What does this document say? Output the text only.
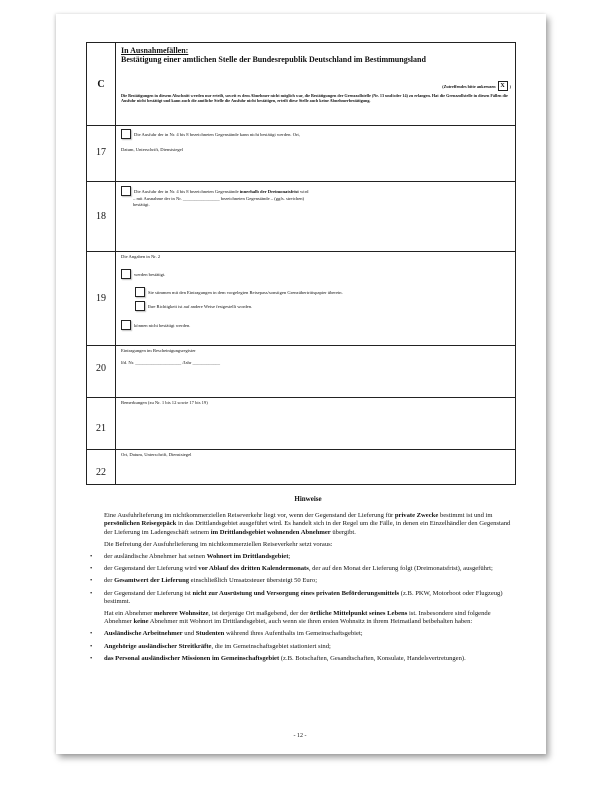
C
In Ausnahmefällen:
Bestätigung einer amtlichen Stelle der Bundesrepublik Deutschland im Bestimmungsland
(Zutreffendes bitte ankreuzen X	)
Die Bestätigungen in diesem Abschnitt werden nur erteilt, soweit es dem Abnehmer nicht möglich war, die Bestätigungen der Grenzzollstelle (Nr. 13 und/oder 14) zu erlangen. Hat die Grenzzollstelle in diesen Fällen die Ausfuhr nicht bestätigt und kann auch die amtliche Stelle die Ausfuhr nicht bestätigen, erteilt diese Stelle auch keine Abnehmerbestätigung.
17
Die Ausfuhr der in Nr. 4 bis 8 bezeichneten Gegenstände kann nicht bestätigt werden. Ort,
Datum, Unterschrift, Dienstsiegel
18
Die Ausfuhr der in Nr. 4 bis 8 bezeichneten Gegenstände
innerhalb der Dreimonatsfrist
wird
– mit Ausnahme der in Nr. ________________ bezeichneten Gegenstände – (ggfs. streichen)
bestätigt.
19
Die Angaben in Nr. 2
werden bestätigt.
Sie stimmen mit den Eintragungen in dem vorgelegten Reisepass/sonstigen Grenzübertrittspapier überein.
Ihre Richtigkeit ist auf andere Weise festgestellt worden.
können nicht bestätigt werden.
20
Eintragungen im Bescheinigungsregister
lfd. Nr. ____________________ /Jahr ____________
21
Bemerkungen (zu Nr. 1 bis 12 sowie 17 bis 19)
22
Ort, Datum, Unterschrift, Dienstsiegel
Hinweise

Eine Ausfuhrlieferung im nichtkommerziellen Reiseverkehr liegt vor, wenn der Gegenstand der Lieferung für private Zwecke bestimmt ist und im persönlichen Reisegepäck in das Drittlandsgebiet ausgeführt wird. Es handelt sich in der Regel um die Fälle, in denen ein Einzelhändler den Gegenstand der Lieferung im Ladengeschäft seinem im Drittlandsgebiet wohnenden Abnehmer übergibt.

Die Befreiung der Ausfuhrlieferung im nichtkommerziellen Reiseverkehr setzt voraus:

• der ausländische Abnehmer hat seinen Wohnort im Drittlandsgebiet;
• der Gegenstand der Lieferung wird vor Ablauf des dritten Kalendermonats, der auf den Monat der Lieferung folgt (Dreimonatsfrist), ausgeführt;
• der Gesamtwert der Lieferung einschließlich Umsatzsteuer übersteigt 50 Euro;
• der Gegenstand der Lieferung ist nicht zur Ausrüstung und Versorgung eines privaten Beförderungsmittels (z.B. PKW, Motorboot oder Flugzeug) bestimmt.

Hat ein Abnehmer mehrere Wohnsitze, ist derjenige Ort maßgebend, der der örtliche Mittelpunkt seines Lebens ist. Insbesondere sind folgende Abnehmer keine Abnehmer mit Wohnort im Drittlandsgebiet, auch wenn sie ihren ersten Wohnsitz in ihrem Heimatland beibehalten haben:

• Ausländische Arbeitnehmer und Studenten während ihres Aufenthalts im Gemeinschaftsgebiet;
• Angehörige ausländischer Streitkräfte, die im Gemeinschaftsgebiet stationiert sind;
• das Personal ausländischer Missionen im Gemeinschaftsgebiet (z.B. Botschaften, Gesandtschaften, Konsulate, Handelsvertretungen).
- 12 -
